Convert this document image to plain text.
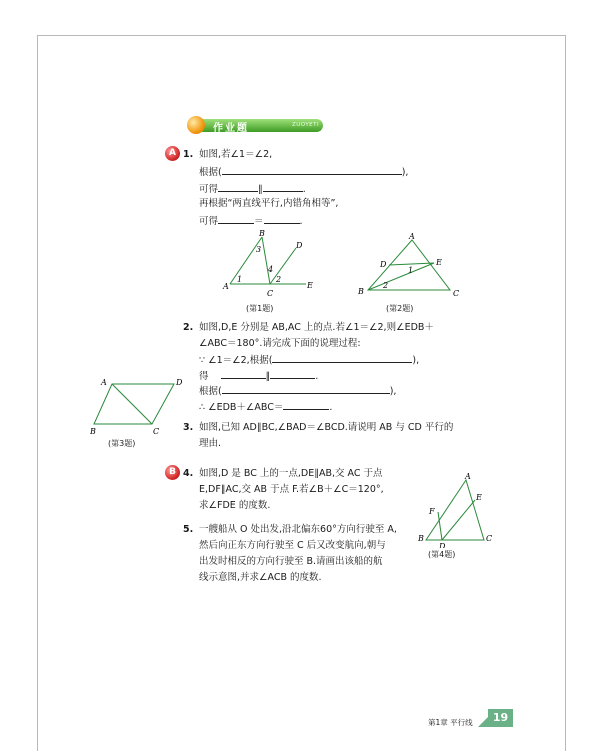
作业题	ZUOYETI
A 1. 如图,若∠1＝∠2,
根据(	),
可得	∥	.
再根据“两直线平行,内错角相等”,
可得	＝	.
A
B
C
D
E
1	2
3
4
(第1题)
A
B	C
D	E
1
2
(第2题)
2. 如图,D,E 分别是 AB,AC 上的点.若∠1＝∠2,则∠EDB＋
∠ABC＝180°.请完成下面的说理过程:
∵ ∠1＝∠2,根据(	),
得	∥	.
根据(	),
∴ ∠EDB＋∠ABC＝	.
A	D
B	C
(第3题)
3. 如图,已知 AD∥BC,∠BAD＝∠BCD.请说明 AB 与 CD 平行的
理由.
B 4. 如图,D 是 BC 上的一点,DE∥AB,交 AC 于点
E,DF∥AC,交 AB 于点 F.若∠B＋∠C＝120°,
求∠FDE 的度数.
A
B	C
D
E
F
(第4题)
5. 一艘船从 O 处出发,沿北偏东60°方向行驶至 A,
然后向正东方向行驶至 C 后又改变航向,朝与
出发时相反的方向行驶至 B.请画出该船的航
线示意图,并求∠ACB 的度数.
第1章 平行线	19
